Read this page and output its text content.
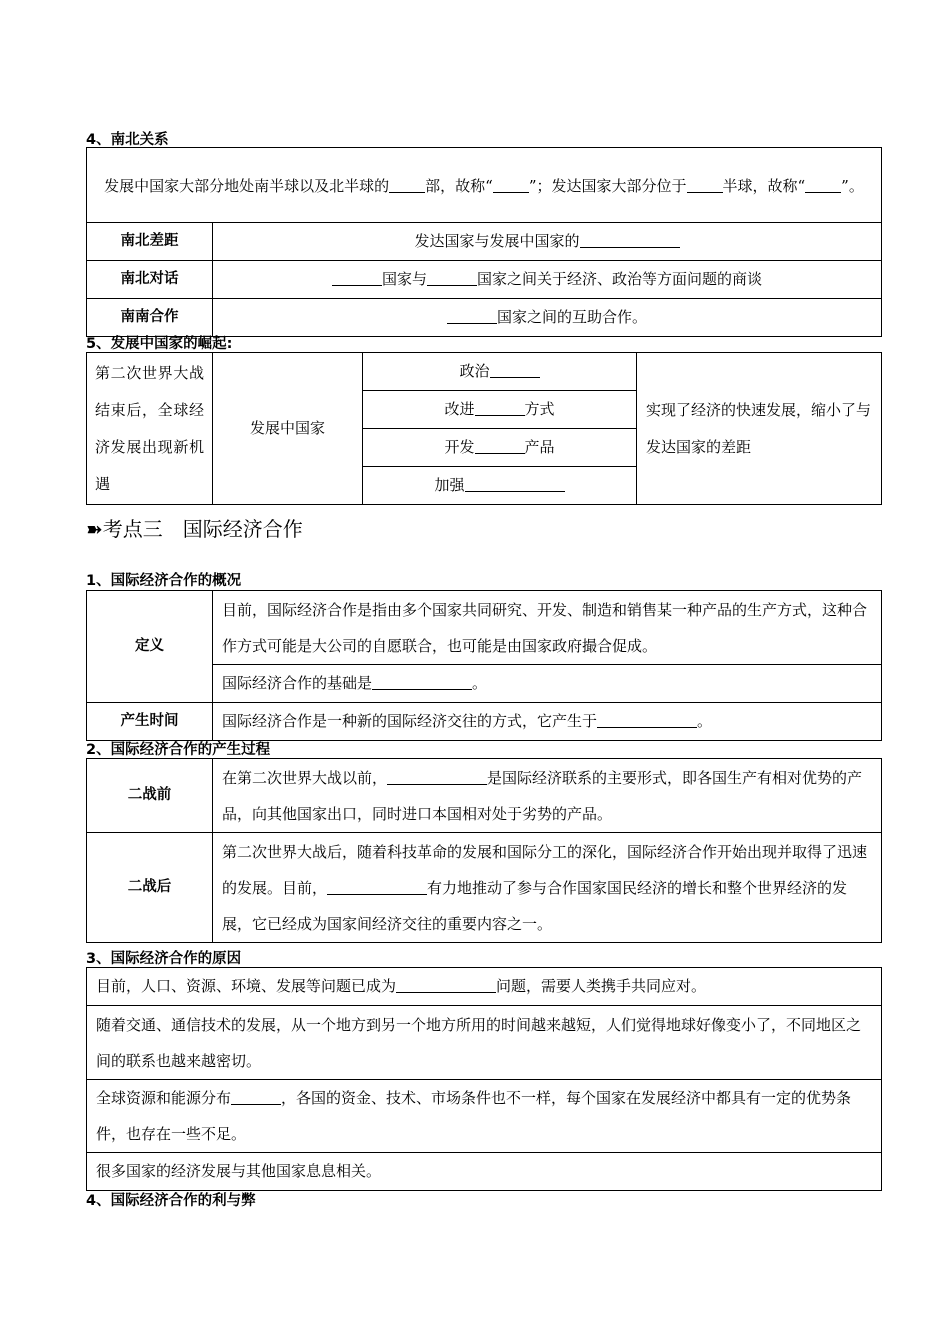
4、南北关系
发展中国家大部分地处南半球以及北半球的 部，故称“ ”；发达国家大部分位于 半球，故称“ ”。	
南北差距	发达国家与发展中国家的
南北对话	国家与 国家之间关于经济、政治等方面问题的商谈
南南合作	国家之间的互助合作。
5、发展中国家的崛起:
第二次世界大战结束后，全球经济发展出现新机遇	发展中国家	政治	实现了经济的快速发展，缩小了与发达国家的差距
改进	方式
开发	产品
加强
➽考点三　国际经济合作
1、国际经济合作的概况
定义	目前，国际经济合作是指由多个国家共同研究、开发、制造和销售某一种产品的生产方式，这种合作方式可能是大公司的自愿联合，也可能是由国家政府撮合促成。
	国际经济合作的基础是 。
产生时间	国际经济合作是一种新的国际经济交往的方式，它产生于 。
2、国际经济合作的产生过程
二战前	在第二次世界大战以前， 是国际经济联系的主要形式，即各国生产有相对优势的产品，向其他国家出口，同时进口本国相对处于劣势的产品。
二战后	第二次世界大战后，随着科技革命的发展和国际分工的深化，国际经济合作开始出现并取得了迅速的发展。目前， 有力地推动了参与合作国家国民经济的增长和整个世界经济的发展，它已经成为国家间经济交往的重要内容之一。
3、国际经济合作的原因
目前，人口、资源、环境、发展等问题已成为	问题，需要人类携手共同应对。
随着交通、通信技术的发展，从一个地方到另一个地方所用的时间越来越短，人们觉得地球好像变小了，不同地区之间的联系也越来越密切。
全球资源和能源分布	，各国的资金、技术、市场条件也不一样，每个国家在发展经济中都具有一定的优势条件，也存在一些不足。
很多国家的经济发展与其他国家息息相关。
4、国际经济合作的利与弊
